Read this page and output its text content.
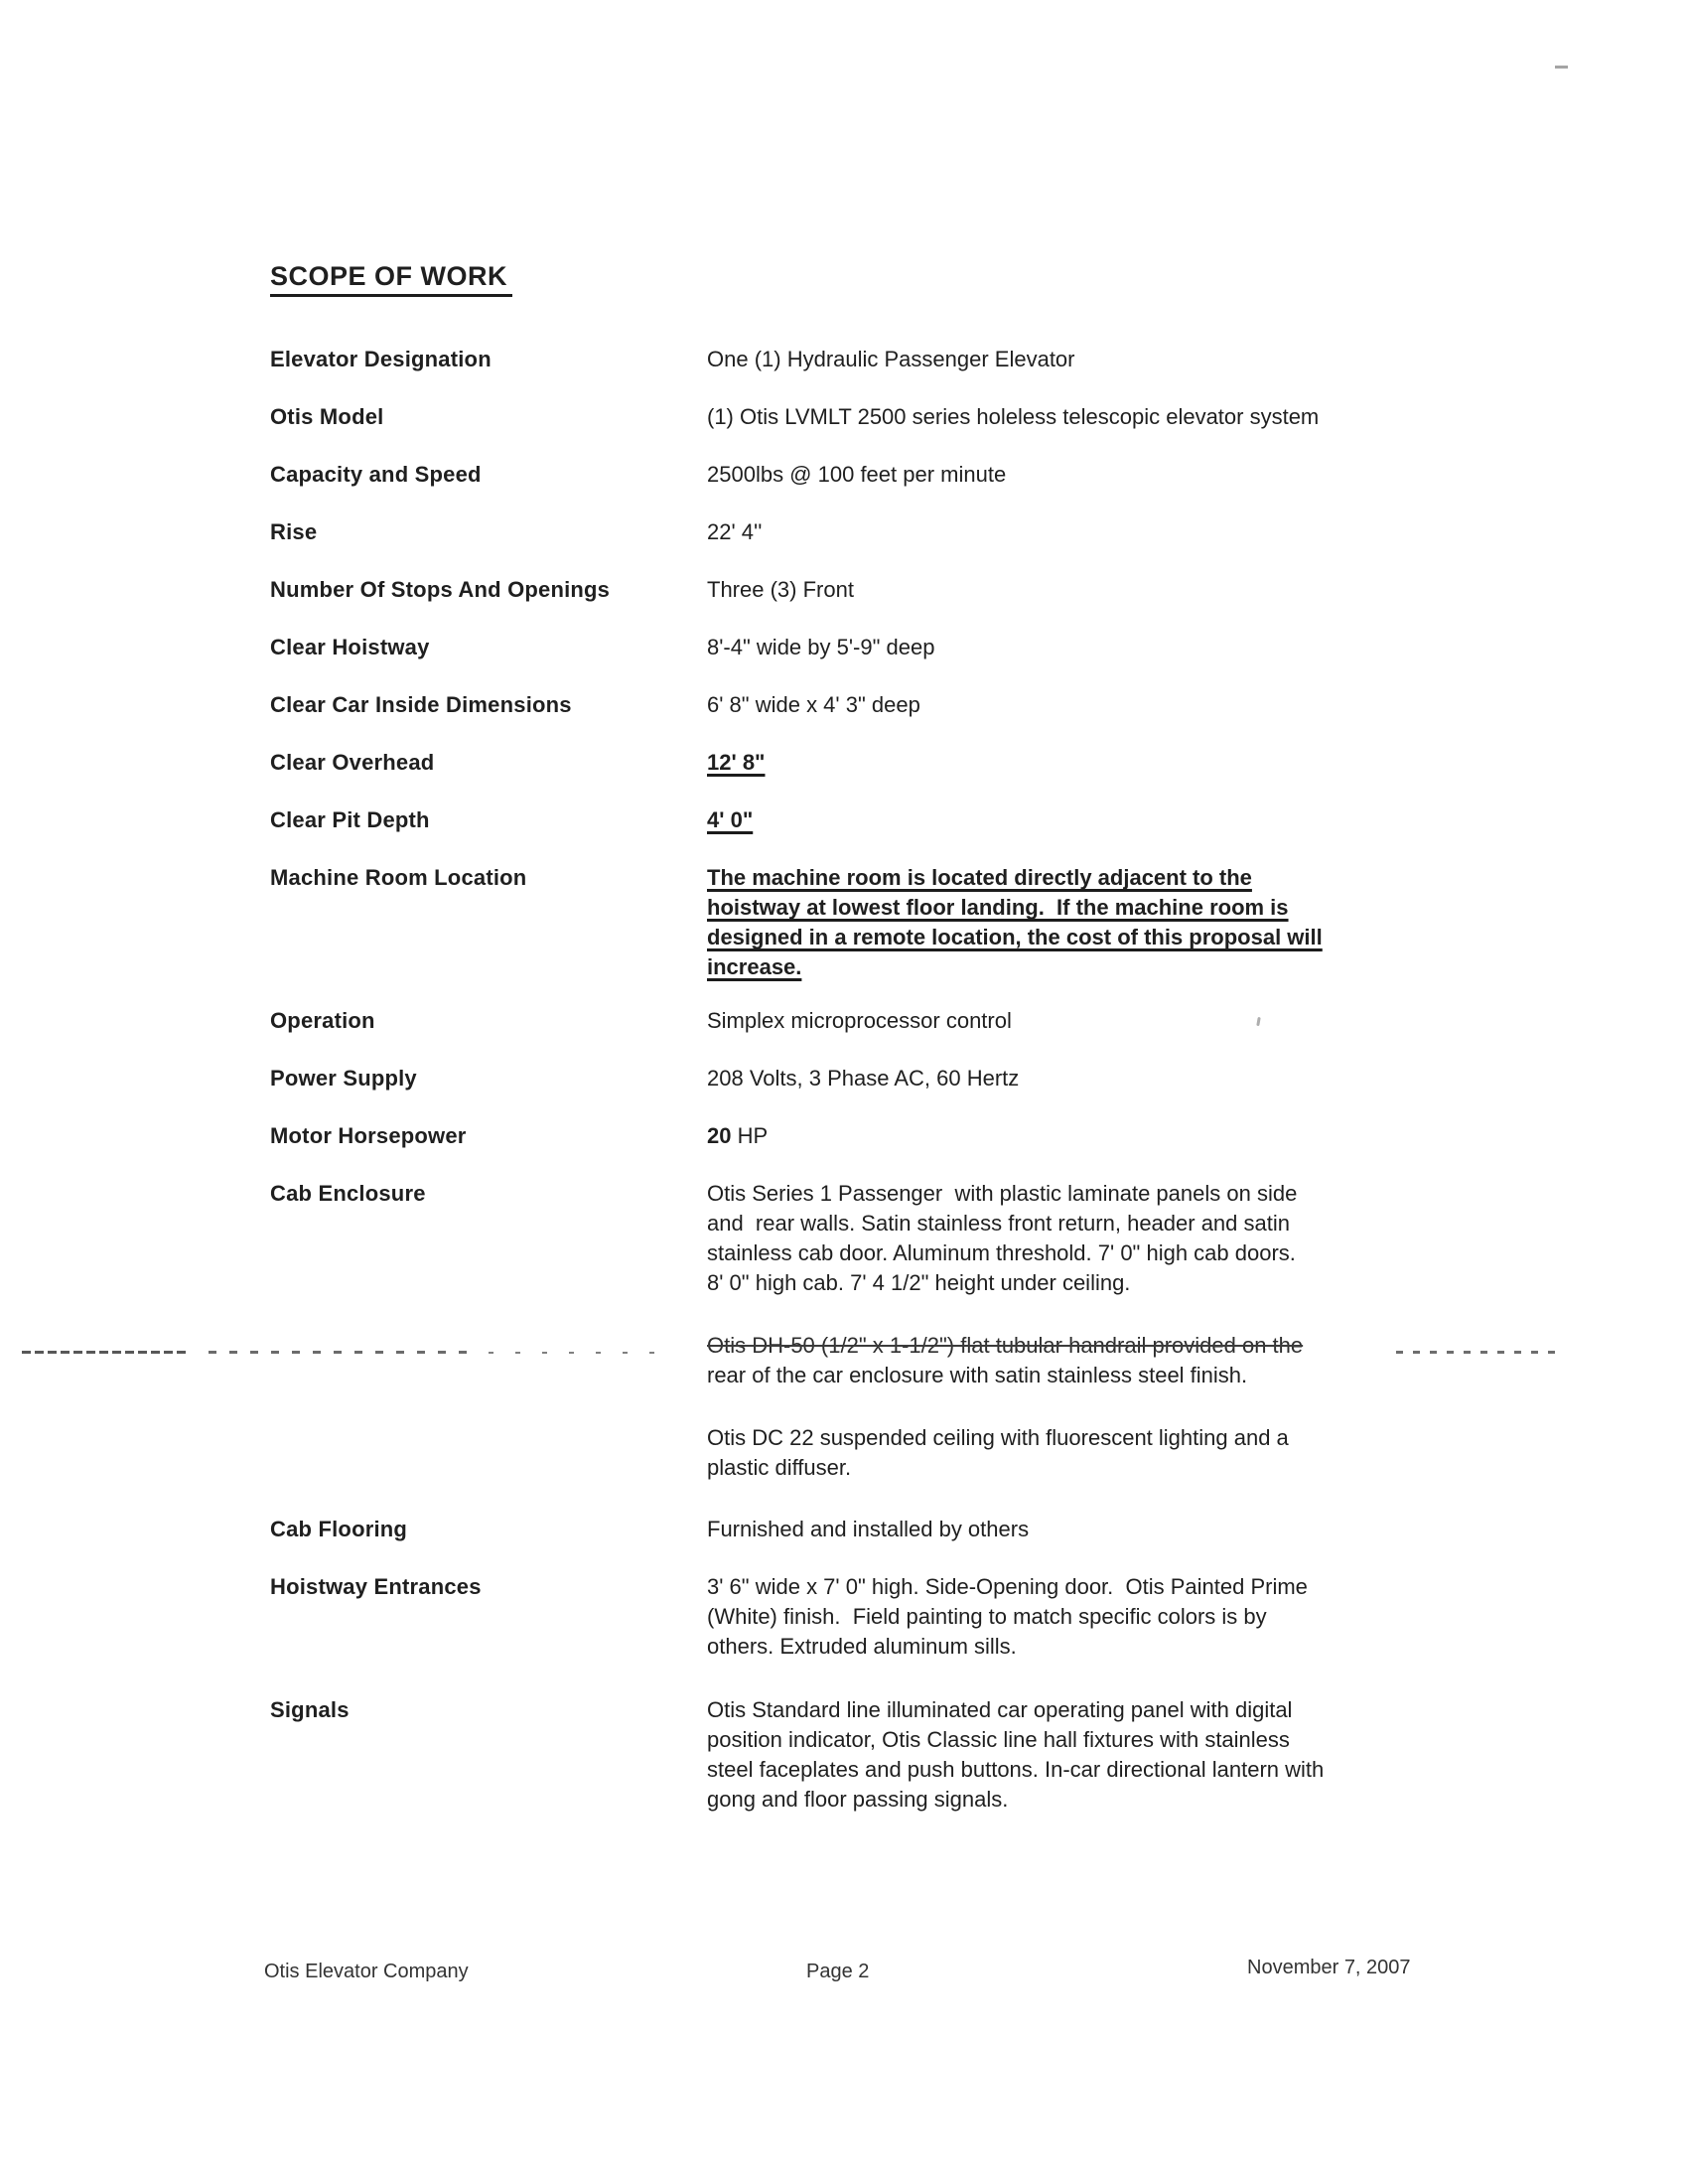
SCOPE OF WORK
Elevator Designation	One (1) Hydraulic Passenger Elevator
Otis Model	(1) Otis LVMLT 2500 series holeless telescopic elevator system
Capacity and Speed	2500lbs @ 100 feet per minute
Rise	22' 4''
Number Of Stops And Openings	Three (3) Front
Clear Hoistway	8'-4" wide by 5'-9" deep
Clear Car Inside Dimensions	6' 8" wide x 4' 3" deep
Clear Overhead	12' 8"
Clear Pit Depth	4' 0"
Machine Room Location	The machine room is located directly adjacent to the
hoistway at lowest floor landing.  If the machine room is
designed in a remote location, the cost of this proposal will
increase.
Operation	Simplex microprocessor control
Power Supply	208 Volts, 3 Phase AC, 60 Hertz
Motor Horsepower	20 HP
Cab Enclosure	Otis Series 1 Passenger  with plastic laminate panels on side
and  rear walls. Satin stainless front return, header and satin
stainless cab door. Aluminum threshold. 7' 0" high cab doors.
8' 0" high cab. 7' 4 1/2" height under ceiling.
Otis DH-50 (1/2" x 1-1/2") flat tubular handrail provided on the
rear of the car enclosure with satin stainless steel finish.
Otis DC 22 suspended ceiling with fluorescent lighting and a
plastic diffuser.
Cab Flooring	Furnished and installed by others
Hoistway Entrances	3' 6" wide x 7' 0" high. Side-Opening door.  Otis Painted Prime
(White) finish.  Field painting to match specific colors is by
others. Extruded aluminum sills.
Signals	Otis Standard line illuminated car operating panel with digital
position indicator, Otis Classic line hall fixtures with stainless
steel faceplates and push buttons. In-car directional lantern with
gong and floor passing signals.
Otis Elevator Company	Page 2	November 7, 2007
